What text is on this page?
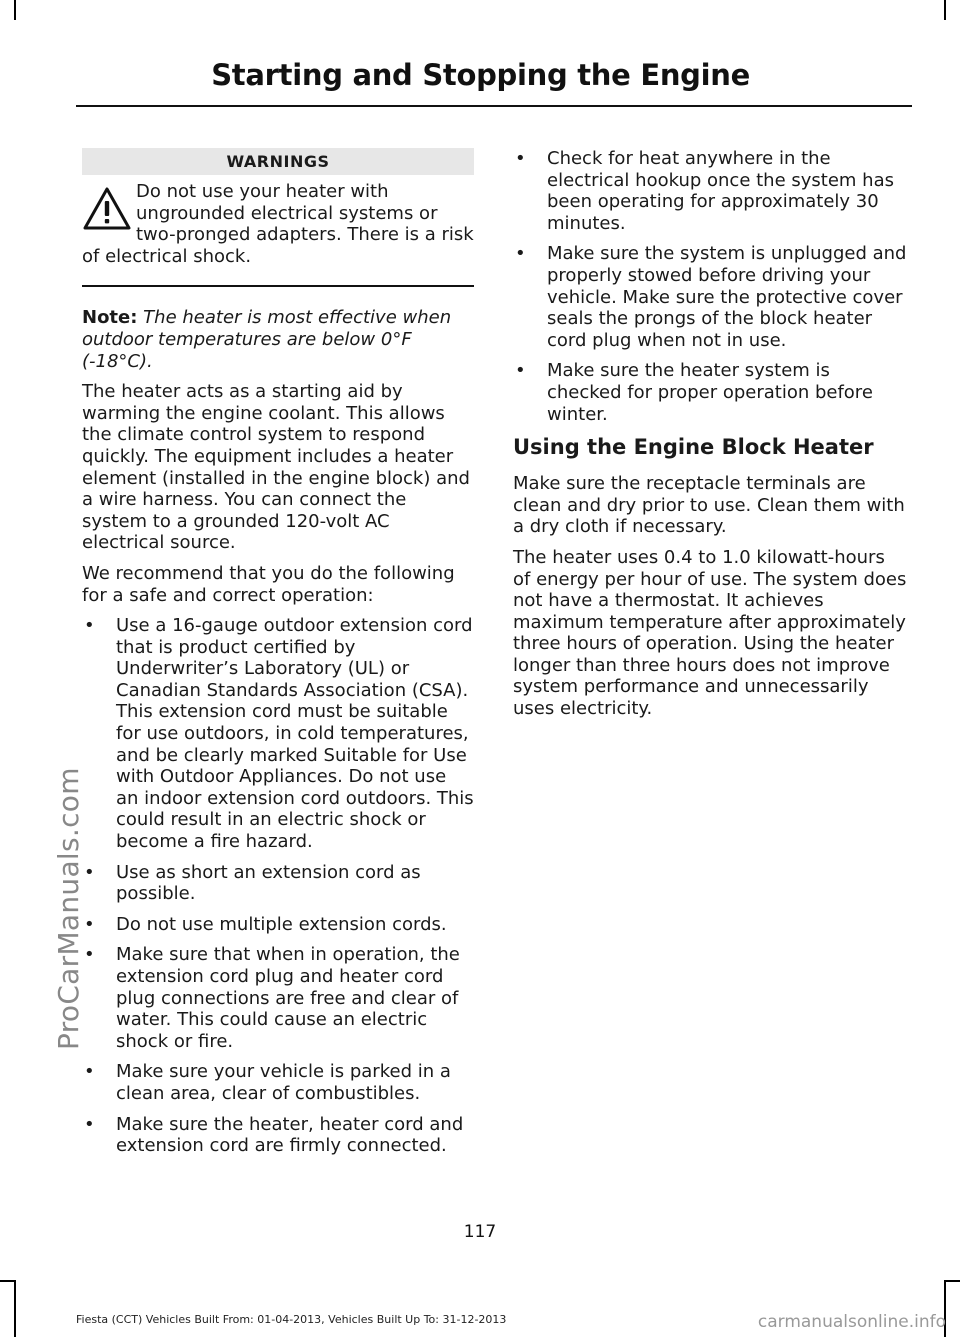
ProCarManuals.com
Starting and Stopping the Engine
WARNINGS
Do not use your heater with ungrounded electrical systems or two-pronged adapters. There is a risk of electrical shock.

Note: The heater is most effective when outdoor temperatures are below 0°F (-18°C).

The heater acts as a starting aid by warming the engine coolant. This allows the climate control system to respond quickly. The equipment includes a heater element (installed in the engine block) and a wire harness. You can connect the system to a grounded 120-volt AC electrical source.

We recommend that you do the following for a safe and correct operation:

• Use a 16-gauge outdoor extension cord that is product certified by Underwriter’s Laboratory (UL) or Canadian Standards Association (CSA). This extension cord must be suitable for use outdoors, in cold temperatures, and be clearly marked Suitable for Use with Outdoor Appliances. Do not use an indoor extension cord outdoors. This could result in an electric shock or become a fire hazard.
• Use as short an extension cord as possible.
• Do not use multiple extension cords.
• Make sure that when in operation, the extension cord plug and heater cord plug connections are free and clear of water. This could cause an electric shock or fire.
• Make sure your vehicle is parked in a clean area, clear of combustibles.
• Make sure the heater, heater cord and extension cord are firmly connected.
• Check for heat anywhere in the electrical hookup once the system has been operating for approximately 30 minutes.
• Make sure the system is unplugged and properly stowed before driving your vehicle. Make sure the protective cover seals the prongs of the block heater cord plug when not in use.
• Make sure the heater system is checked for proper operation before winter.
Using the Engine Block Heater

Make sure the receptacle terminals are clean and dry prior to use. Clean them with a dry cloth if necessary.

The heater uses 0.4 to 1.0 kilowatt-hours of energy per hour of use. The system does not have a thermostat. It achieves maximum temperature after approximately three hours of operation. Using the heater longer than three hours does not improve system performance and unnecessarily uses electricity.

117
Fiesta (CCT) Vehicles Built From: 01-04-2013, Vehicles Built Up To: 31-12-2013	carmanualsonline.info
